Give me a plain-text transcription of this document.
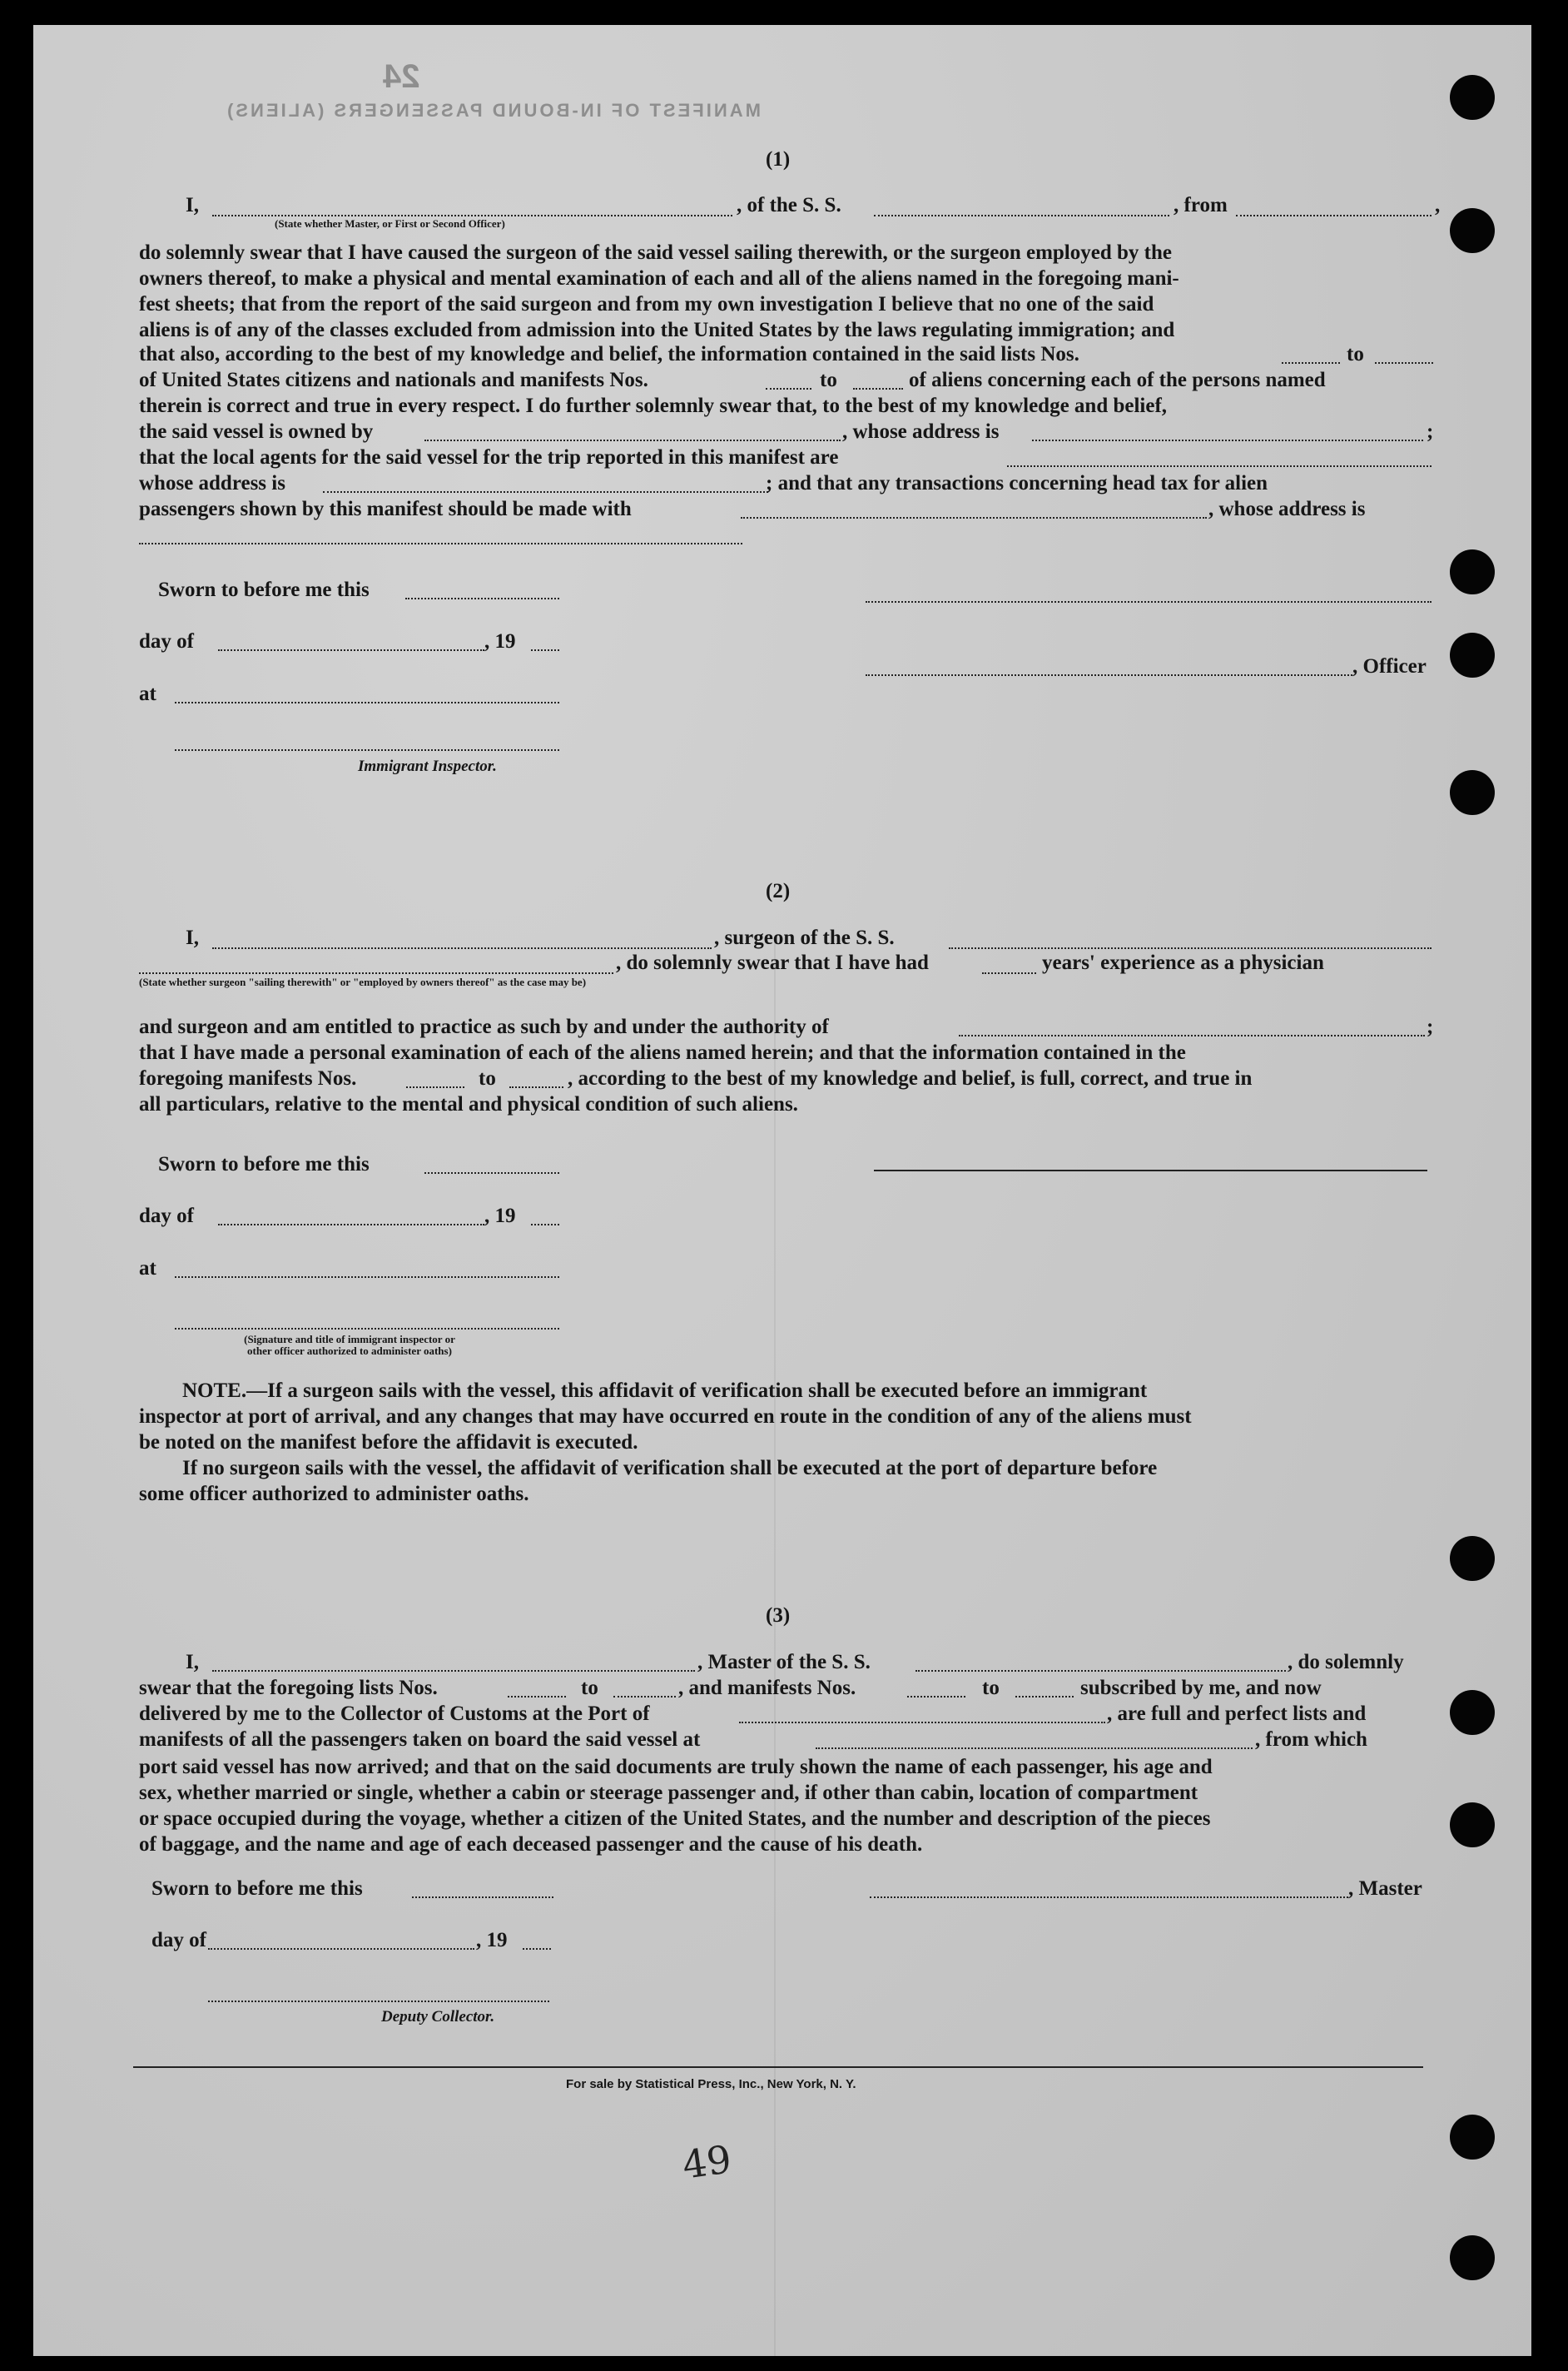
MANIFEST OF IN-BOUND PASSENGERS (ALIENS)
24
(1)
I,
(State whether Master, or First or Second Officer)
, of the S. S.	, from	,
do solemnly swear that I have caused the surgeon of the said vessel sailing therewith, or the surgeon employed by the
owners thereof, to make a physical and mental examination of each and all of the aliens named in the foregoing mani-
fest sheets; that from the report of the said surgeon and from my own investigation I believe that no one of the said
aliens is of any of the classes excluded from admission into the United States by the laws regulating immigration; and
that also, according to the best of my knowledge and belief, the information contained in the said lists Nos.	to
of United States citizens and nationals and manifests Nos.	to	of aliens concerning each of the persons named
therein is correct and true in every respect. I do further solemnly swear that, to the best of my knowledge and belief,
the said vessel is owned by	, whose address is	;
that the local agents for the said vessel for the trip reported in this manifest are
whose address is	; and that any transactions concerning head tax for alien
passengers shown by this manifest should be made with	, whose address is
Sworn to before me this
day of	, 19
at
Immigrant Inspector.
, Officer
(2)
I,	, surgeon of the S. S.
, do solemnly swear that I have had	years' experience as a physician
(State whether surgeon "sailing therewith" or "employed by owners thereof" as the case may be)
and surgeon and am entitled to practice as such by and under the authority of	;
that I have made a personal examination of each of the aliens named herein; and that the information contained in the
foregoing manifests Nos.	to	, according to the best of my knowledge and belief, is full, correct, and true in
all particulars, relative to the mental and physical condition of such aliens.
Sworn to before me this
day of	, 19
at
(Signature and title of immigrant inspector or
other officer authorized to administer oaths)
NOTE.—If a surgeon sails with the vessel, this affidavit of verification shall be executed before an immigrant
inspector at port of arrival, and any changes that may have occurred en route in the condition of any of the aliens must
be noted on the manifest before the affidavit is executed.
If no surgeon sails with the vessel, the affidavit of verification shall be executed at the port of departure before
some officer authorized to administer oaths.
(3)
I,	, Master of the S. S.	, do solemnly
swear that the foregoing lists Nos.	to	, and manifests Nos.	to	subscribed by me, and now
delivered by me to the Collector of Customs at the Port of	, are full and perfect lists and
manifests of all the passengers taken on board the said vessel at	, from which
port said vessel has now arrived; and that on the said documents are truly shown the name of each passenger, his age and
sex, whether married or single, whether a cabin or steerage passenger and, if other than cabin, location of compartment
or space occupied during the voyage, whether a citizen of the United States, and the number and description of the pieces
of baggage, and the name and age of each deceased passenger and the cause of his death.
Sworn to before me this	, Master
day of	, 19
Deputy Collector.
For sale by Statistical Press, Inc., New York, N. Y.
49
